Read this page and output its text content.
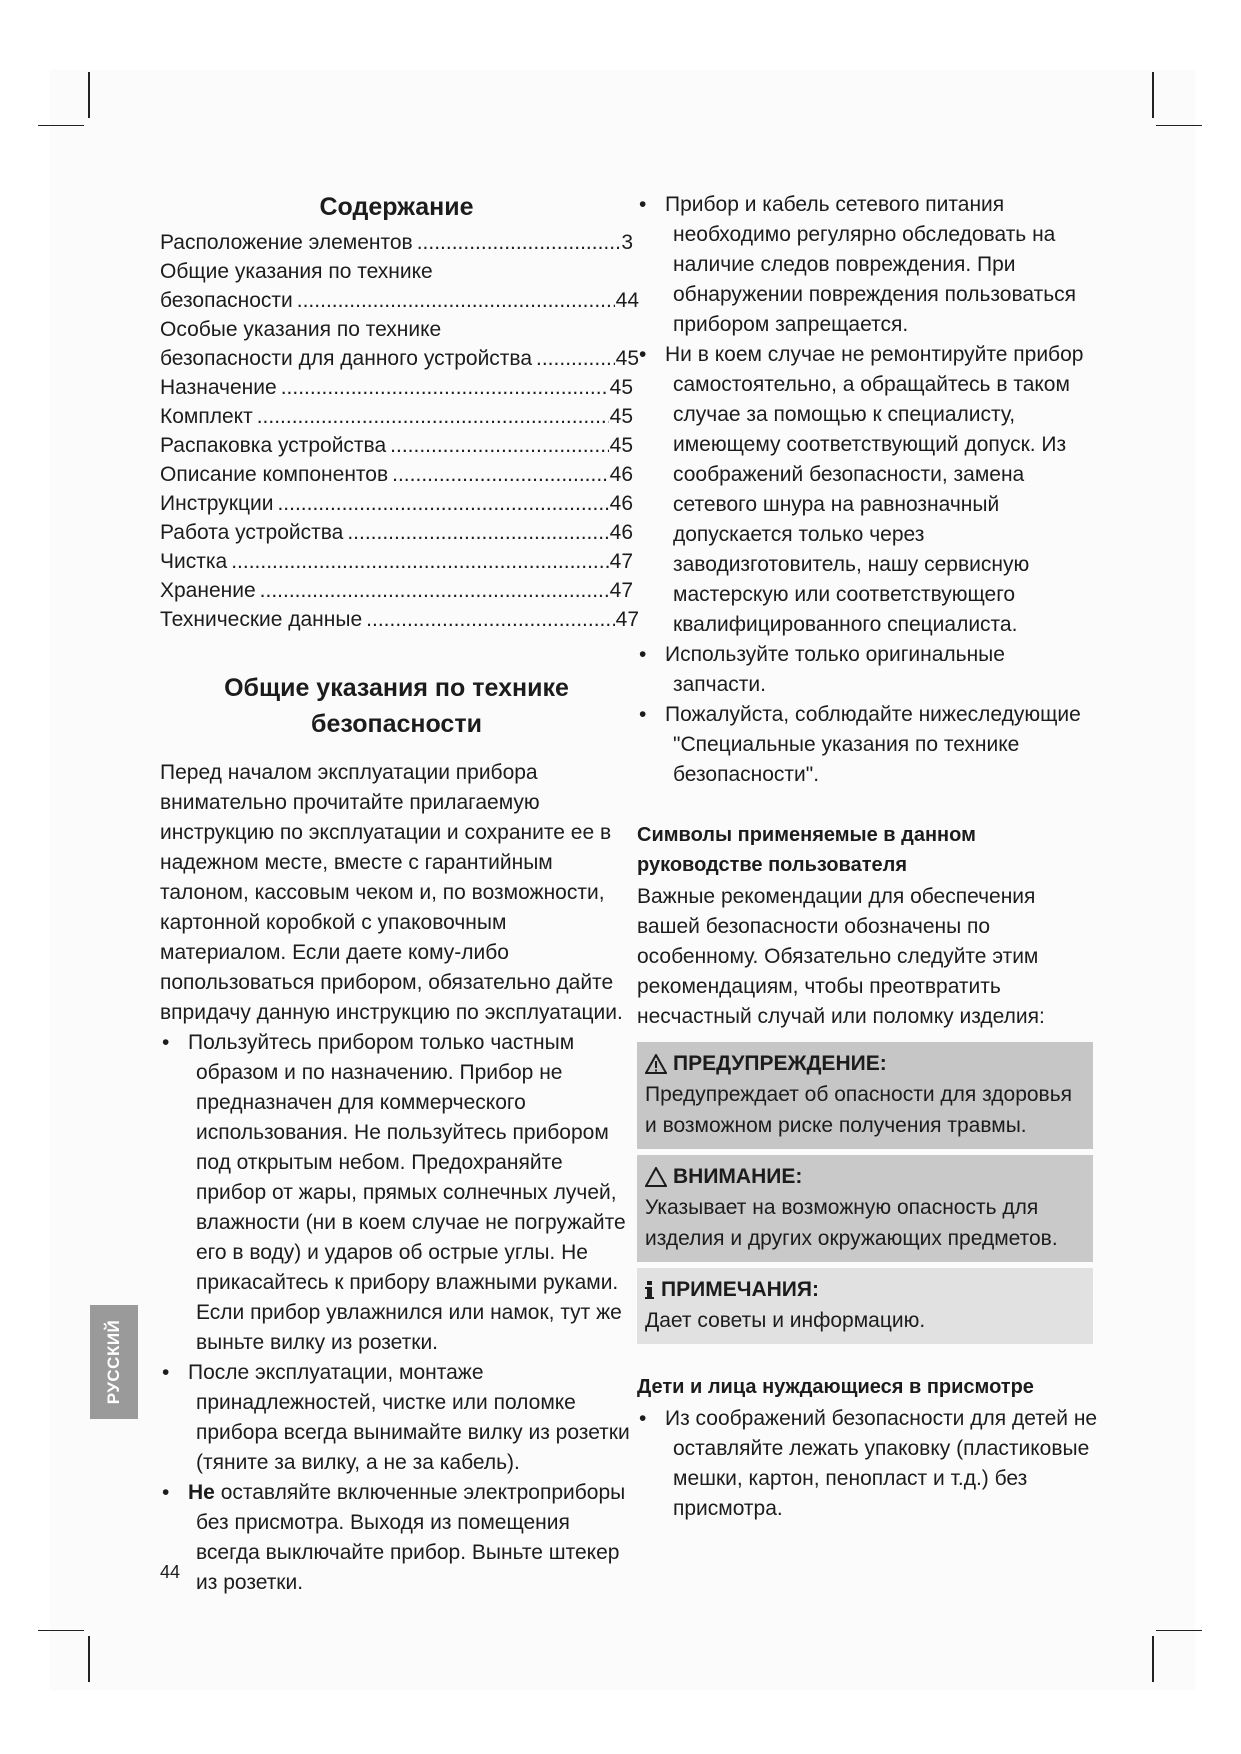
Содержание
Расположение элементов .....	3
Общие указания по технике
безопасности .....	44
Особые указания по технике
безопасности для данного устройства .....	45
Назначение .....	45
Комплект .....	45
Распаковка устройства .....	45
Описание компонентов .....	46
Инструкции .....	46
Работа устройства .....	46
Чистка .....	47
Хранение .....	47
Технические данные .....	47
Общие указания по технике
безопасности

Перед началом эксплуатации прибора внимательно прочитайте прилагаемую инструкцию по эксплуатации и сохраните ее в надежном месте, вместе с гарантийным талоном, кассовым чеком и, по возможности, картонной коробкой с упаковочным материалом. Если даете кому-либо попользоваться прибором, обязательно дайте впридачу данную инструкцию по эксплуатации.

• Пользуйтесь прибором только частным образом и по назначению. Прибор не предназначен для коммерческого использования. Не пользуйтесь прибором под открытым небом. Предохраняйте прибор от жары, прямых солнечных лучей, влажности (ни в коем случае не погружайте его в воду) и ударов об острые углы. Не прикасайтесь к прибору влажными руками. Если прибор увлажнился или намок, тут же выньте вилку из розетки.
• После эксплуатации, монтаже принадлежностей, чистке или поломке прибора всегда вынимайте вилку из розетки (тяните за вилку, а не за кабель).
• Не оставляйте включенные электроприборы без присмотра. Выходя из помещения всегда выключайте прибор. Выньте штекер из розетки.
• Прибор и кабель сетевого питания необходимо регулярно обследовать на наличие следов повреждения. При обнаружении повреждения пользоваться прибором запрещается.
• Ни в коем случае не ремонтируйте прибор самостоятельно, а обращайтесь в таком случае за помощью к специалисту, имеющему соответствующий допуск. Из соображений безопасности, замена сетевого шнура на равнозначный допускается только через заводизготовитель, нашу сервисную мастерскую или соответствующего квалифицированного специалиста.
• Используйте только оригинальные запчасти.
• Пожалуйста, соблюдайте нижеследующие "Специальные указания по технике безопасности".
Символы применяемые в данном руководстве пользователя

Важные рекомендации для обеспечения вашей безопасности обозначены по особенному. Обязательно следуйте этим рекомендациям, чтобы преотвратить несчастный случай или поломку изделия:

ПРЕДУПРЕЖДЕНИЕ:
Предупреждает об опасности для здоровья и возможном риске получения травмы.
ВНИМАНИЕ:
Указывает на возможную опасность для изделия и других окружающих предметов.
ПРИМЕЧАНИЯ:
Дает советы и информацию.
Дети и лица нуждающиеся в присмотре
• Из соображений безопасности для детей не оставляйте лежать упаковку (пластиковые мешки, картон, пенопласт и т.д.) без присмотра.
РУССКИЙ
44
